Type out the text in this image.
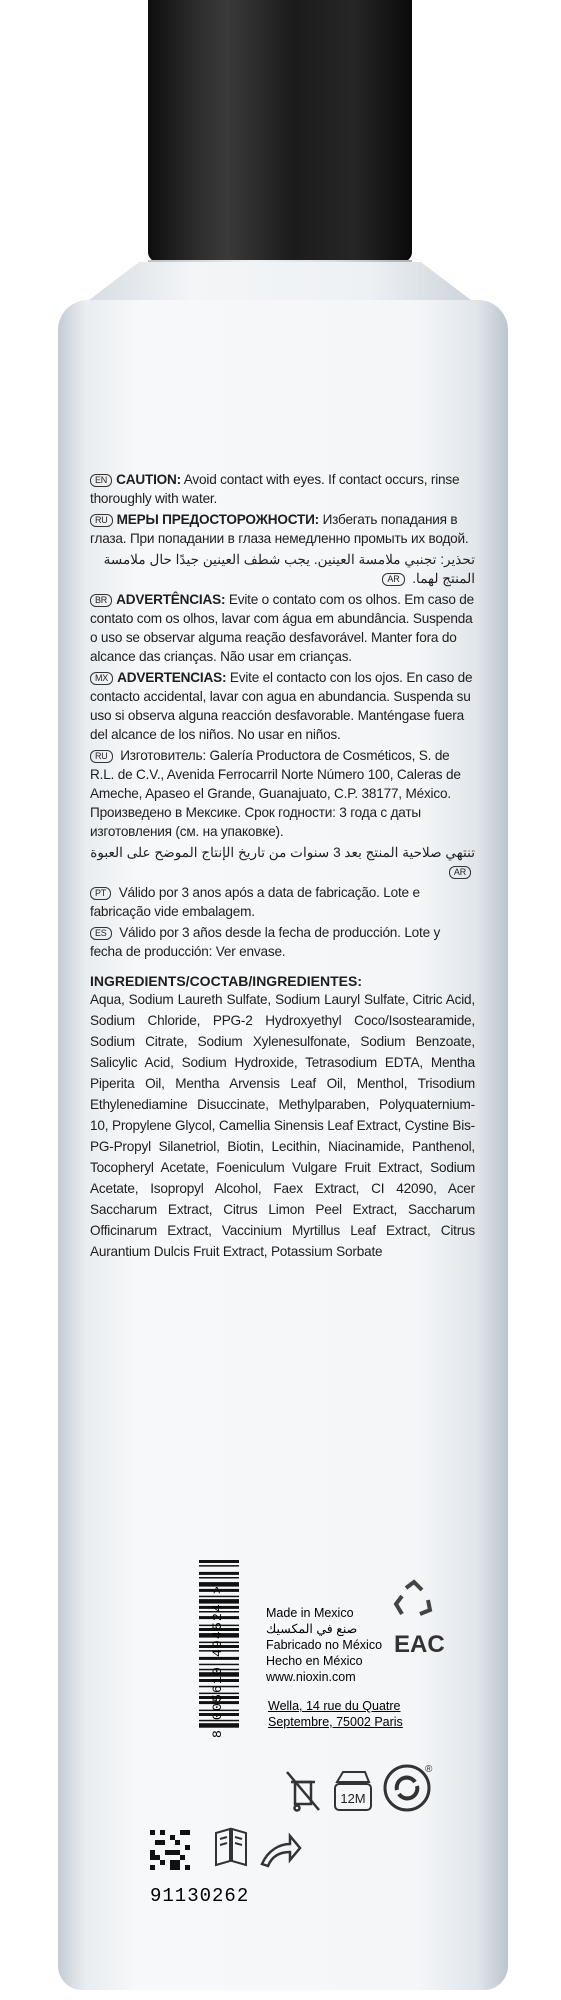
EN CAUTION: Avoid contact with eyes. If contact occurs, rinse thoroughly with water.

RU МЕРЫ ПРЕДОСТОРОЖНОСТИ: Избегать попадания в глаза. При попадании в глаза немедленно промыть их водой.

تحذير: تجنبي ملامسة العينين. يجب شطف العينين جيدًا حال ملامسة المنتج لهما. AR

BR ADVERTÊNCIAS: Evite o contato com os olhos. Em caso de contato com os olhos, lavar com água em abundância. Suspenda o uso se observar alguma reação desfavorável. Manter fora do alcance das crianças. Não usar em crianças.

MX ADVERTENCIAS: Evite el contacto con los ojos. En caso de contacto accidental, lavar con agua en abundancia. Suspenda su uso si observa alguna reacción desfavorable. Manténgase fuera del alcance de los niños. No usar en niños.

RU Изготовитель: Galería Productora de Cosméticos, S. de R.L. de C.V., Avenida Ferrocarril Norte Número 100, Caleras de Ameche, Apaseo el Grande, Guanajuato, C.P. 38177, México. Произведено в Мексике. Срок годности: 3 года с даты изготовления (см. на упаковке).

تنتهي صلاحية المنتج بعد 3 سنوات من تاريخ الإنتاج الموضح على العبوة AR

PT Válido por 3 anos após a data de fabricação. Lote e fabricação vide embalagem.

ES Válido por 3 años desde la fecha de producción. Lote y fecha de producción: Ver envase.

INGREDIENTS/COCTAB/INGREDIENTES:
Aqua, Sodium Laureth Sulfate, Sodium Lauryl Sulfate, Citric Acid, Sodium Chloride, PPG-2 Hydroxyethyl Coco/Isostearamide, Sodium Citrate, Sodium Xylenesulfonate, Sodium Benzoate, Salicylic Acid, Sodium Hydroxide, Tetrasodium EDTA, Mentha Piperita Oil, Mentha Arvensis Leaf Oil, Menthol, Trisodium Ethylenediamine Disuccinate, Methylparaben, Polyquaternium-10, Propylene Glycol, Camellia Sinensis Leaf Extract, Cystine Bis-PG-Propyl Silanetriol, Biotin, Lecithin, Niacinamide, Panthenol, Tocopheryl Acetate, Foeniculum Vulgare Fruit Extract, Sodium Acetate, Isopropyl Alcohol, Faex Extract, CI 42090, Acer Saccharum Extract, Citrus Limon Peel Extract, Saccharum Officinarum Extract, Vaccinium Myrtillus Leaf Extract, Citrus Aurantium Dulcis Fruit Extract, Potassium Sorbate
8 005610 494524 >	EAC
Made in Mexico
صنع في المكسيك
Fabricado no México
Hecho en México
www.nioxin.com
Wella, 14 rue du Quatre Septembre, 75002 Paris
12M
®
91130262
